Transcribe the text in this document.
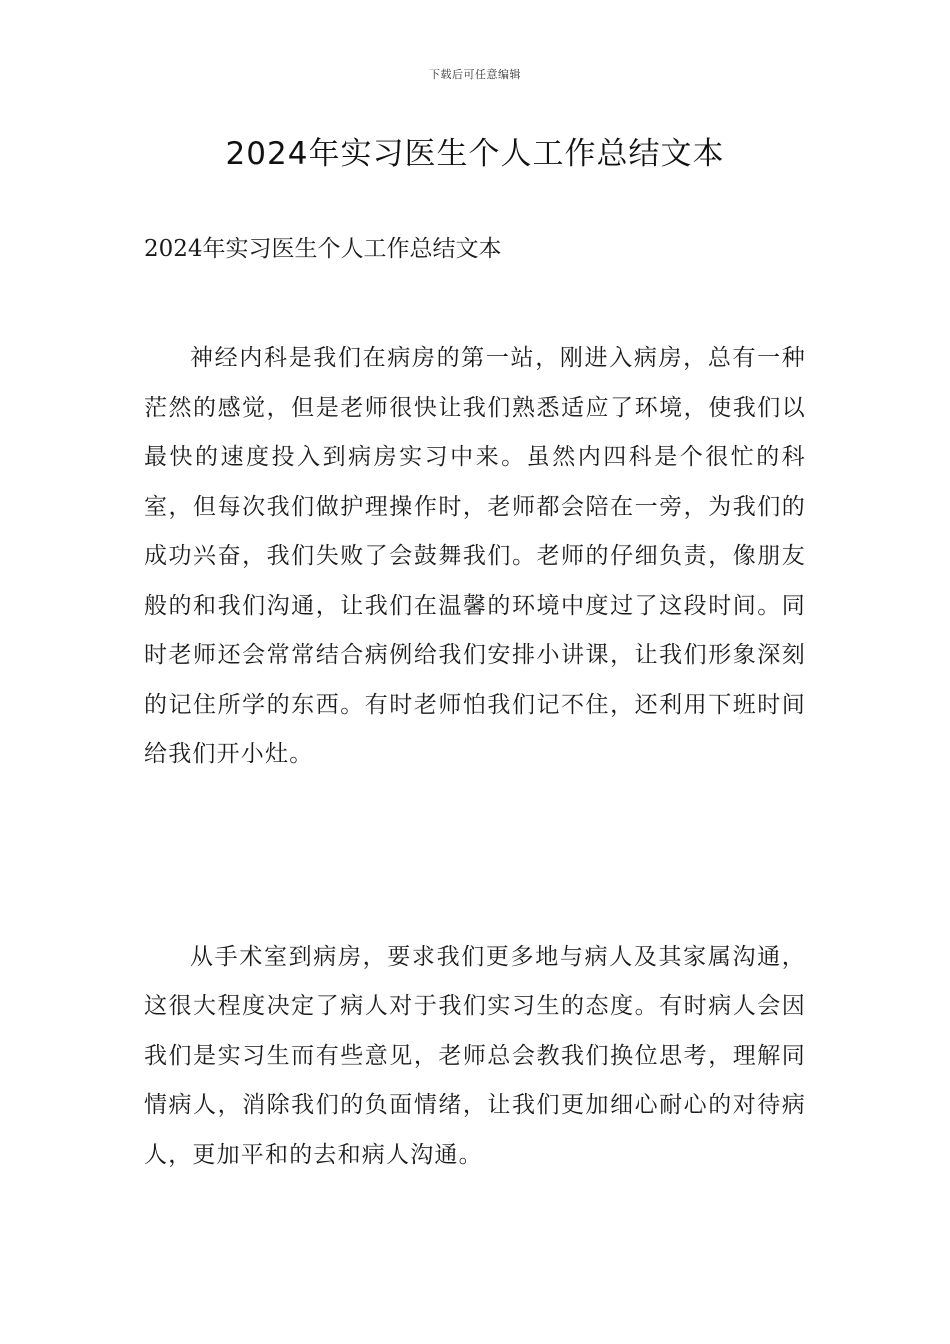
下载后可任意编辑
2024年实习医生个人工作总结文本

2024年实习医生个人工作总结文本

神经内科是我们在病房的第一站，刚进入病房，总有一种茫然的感觉，但是老师很快让我们熟悉适应了环境，使我们以最快的速度投入到病房实习中来。虽然内四科是个很忙的科室，但每次我们做护理操作时，老师都会陪在一旁，为我们的成功兴奋，我们失败了会鼓舞我们。老师的仔细负责，像朋友般的和我们沟通，让我们在温馨的环境中度过了这段时间。同时老师还会常常结合病例给我们安排小讲课，让我们形象深刻的记住所学的东西。有时老师怕我们记不住，还利用下班时间给我们开小灶。

从手术室到病房，要求我们更多地与病人及其家属沟通，这很大程度决定了病人对于我们实习生的态度。有时病人会因我们是实习生而有些意见，老师总会教我们换位思考，理解同情病人，消除我们的负面情绪，让我们更加细心耐心的对待病人，更加平和的去和病人沟通。
